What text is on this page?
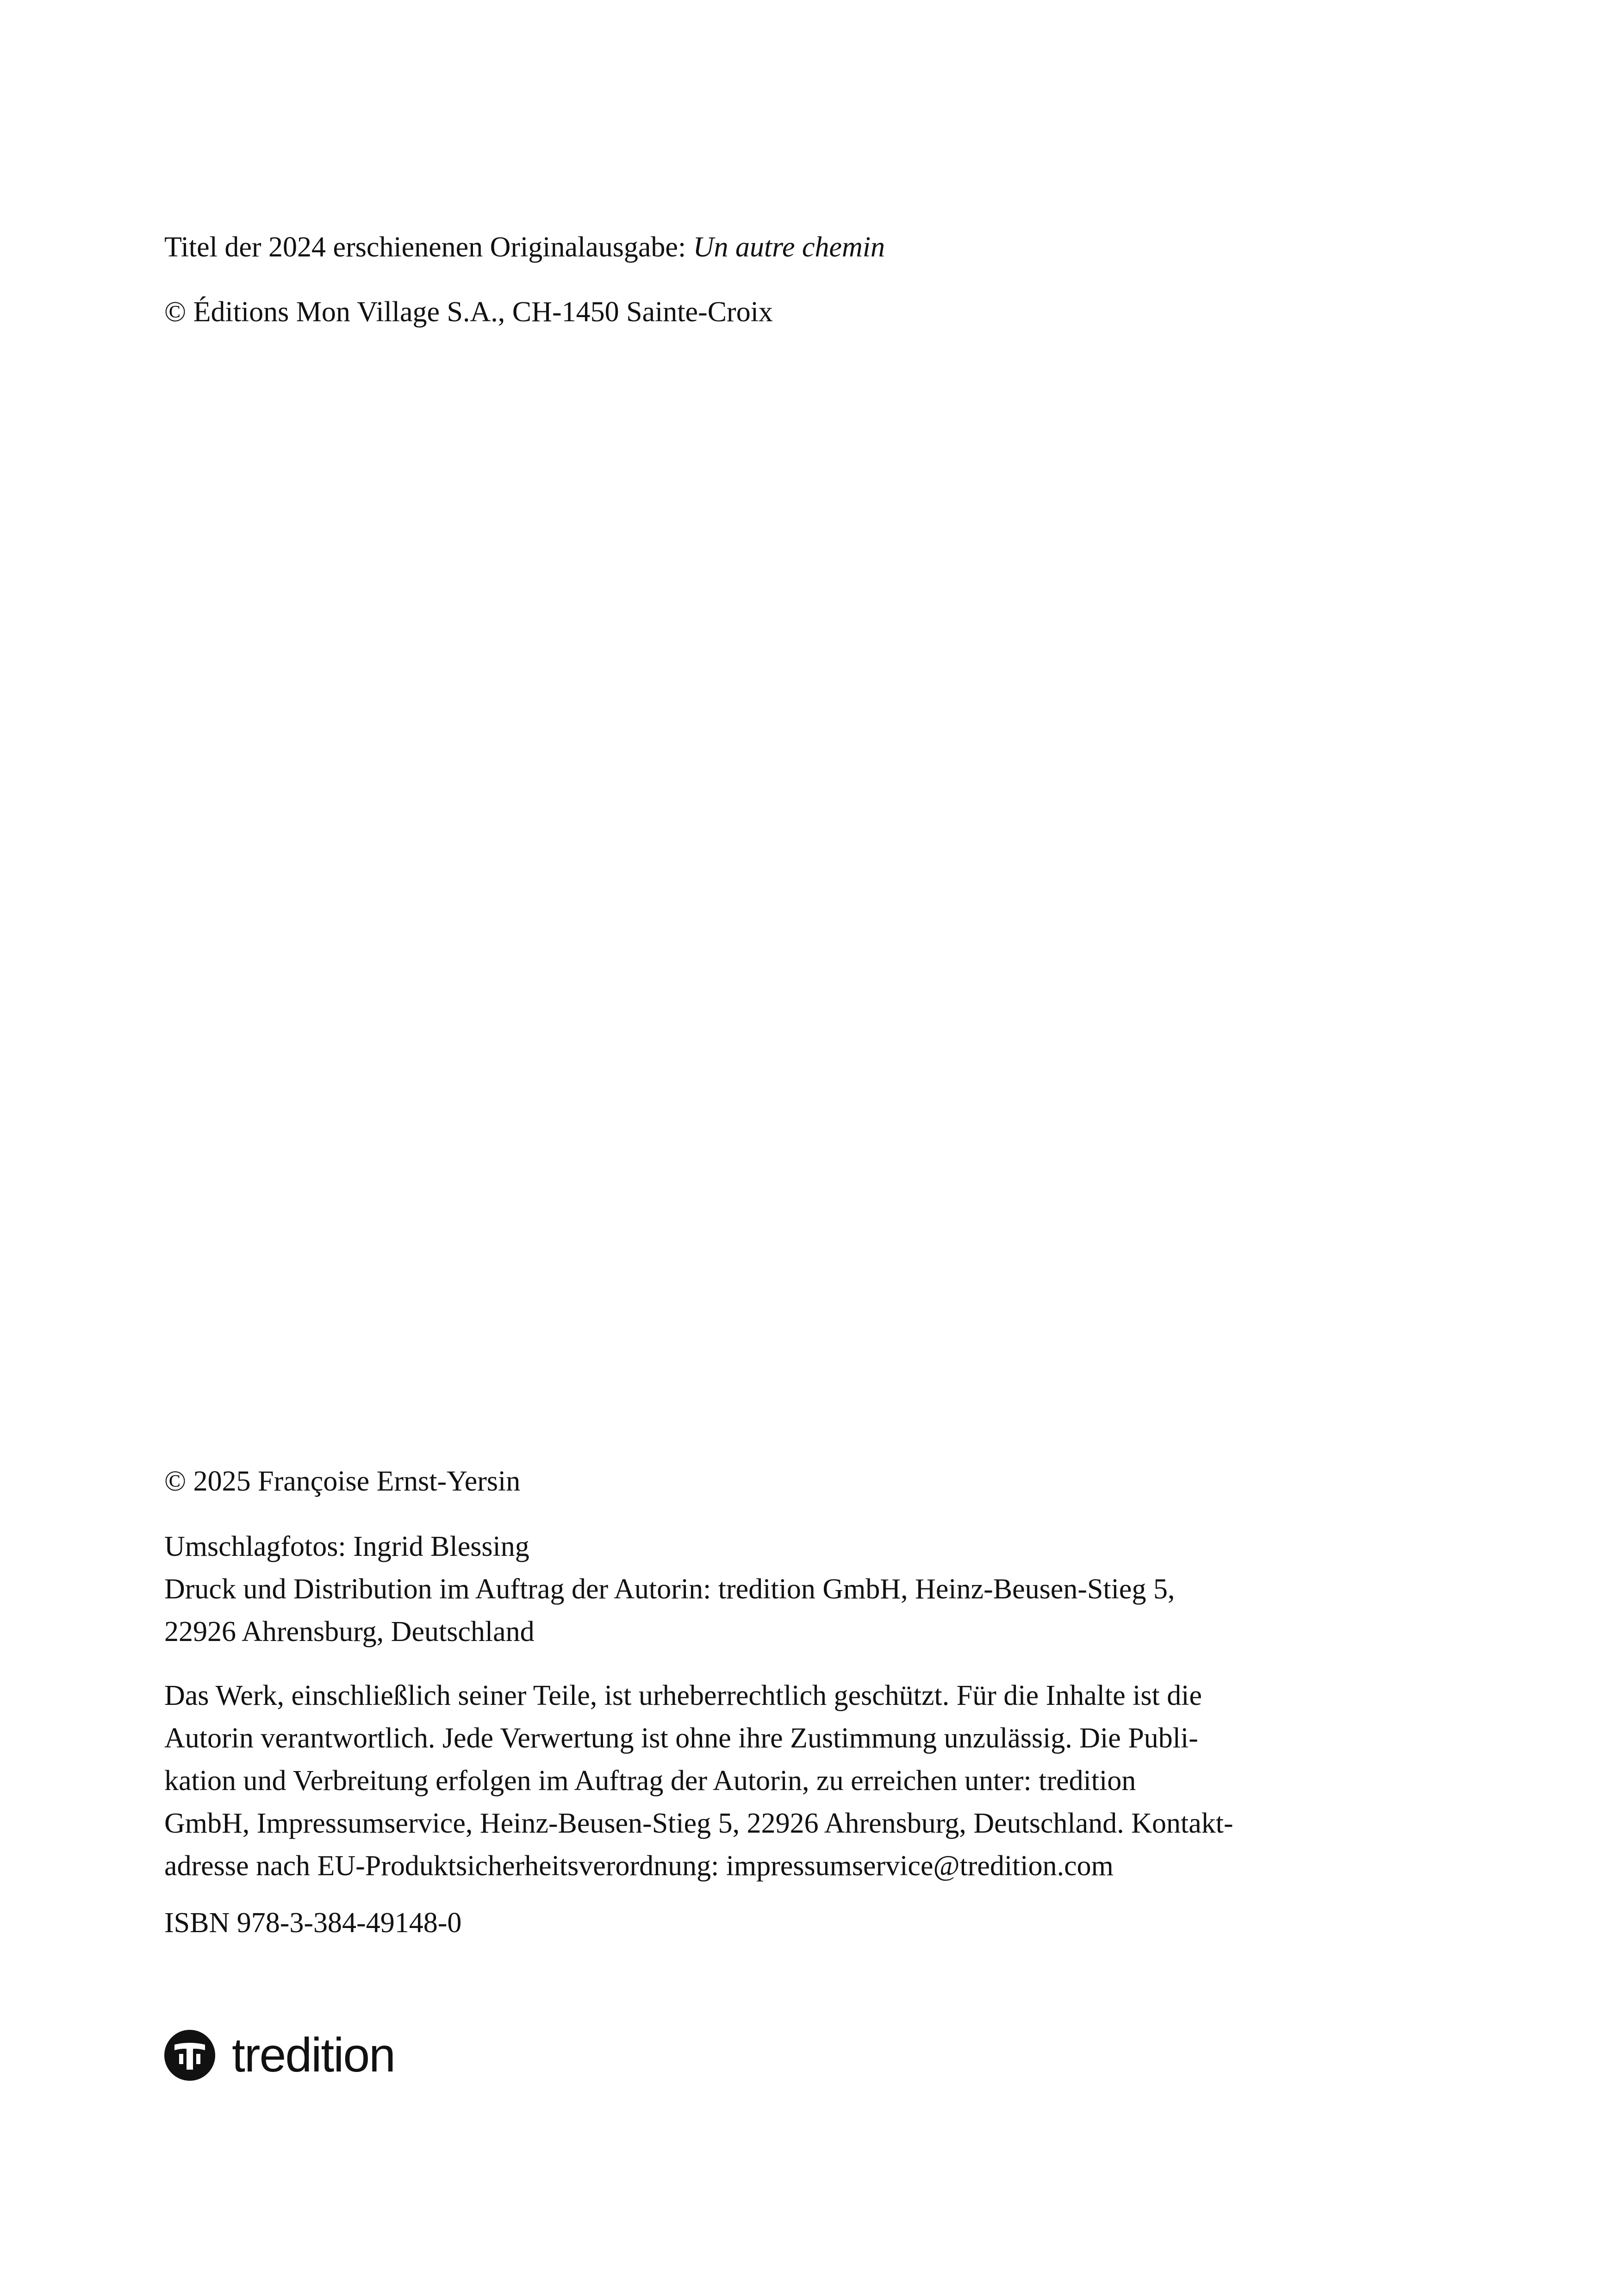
Titel der 2024 erschienenen Originalausgabe: Un autre chemin

© Éditions Mon Village S.A., CH-1450 Sainte-Croix

© 2025 Françoise Ernst-Yersin

Umschlagfotos: Ingrid Blessing
Druck und Distribution im Auftrag der Autorin: tredition GmbH, Heinz-Beusen-Stieg 5,
22926 Ahrensburg, Deutschland
Das Werk, einschließlich seiner Teile, ist urheberrechtlich geschützt. Für die Inhalte ist die
Autorin verantwortlich. Jede Verwertung ist ohne ihre Zustimmung unzulässig. Die Publi-
kation und Verbreitung erfolgen im Auftrag der Autorin, zu erreichen unter: tredition
GmbH, Impressumservice, Heinz-Beusen-Stieg 5, 22926 Ahrensburg, Deutschland. Kontakt-
adresse nach EU-Produktsicherheitsverordnung: impressumservice@tredition.com

ISBN 978-3-384-49148-0

tredition
